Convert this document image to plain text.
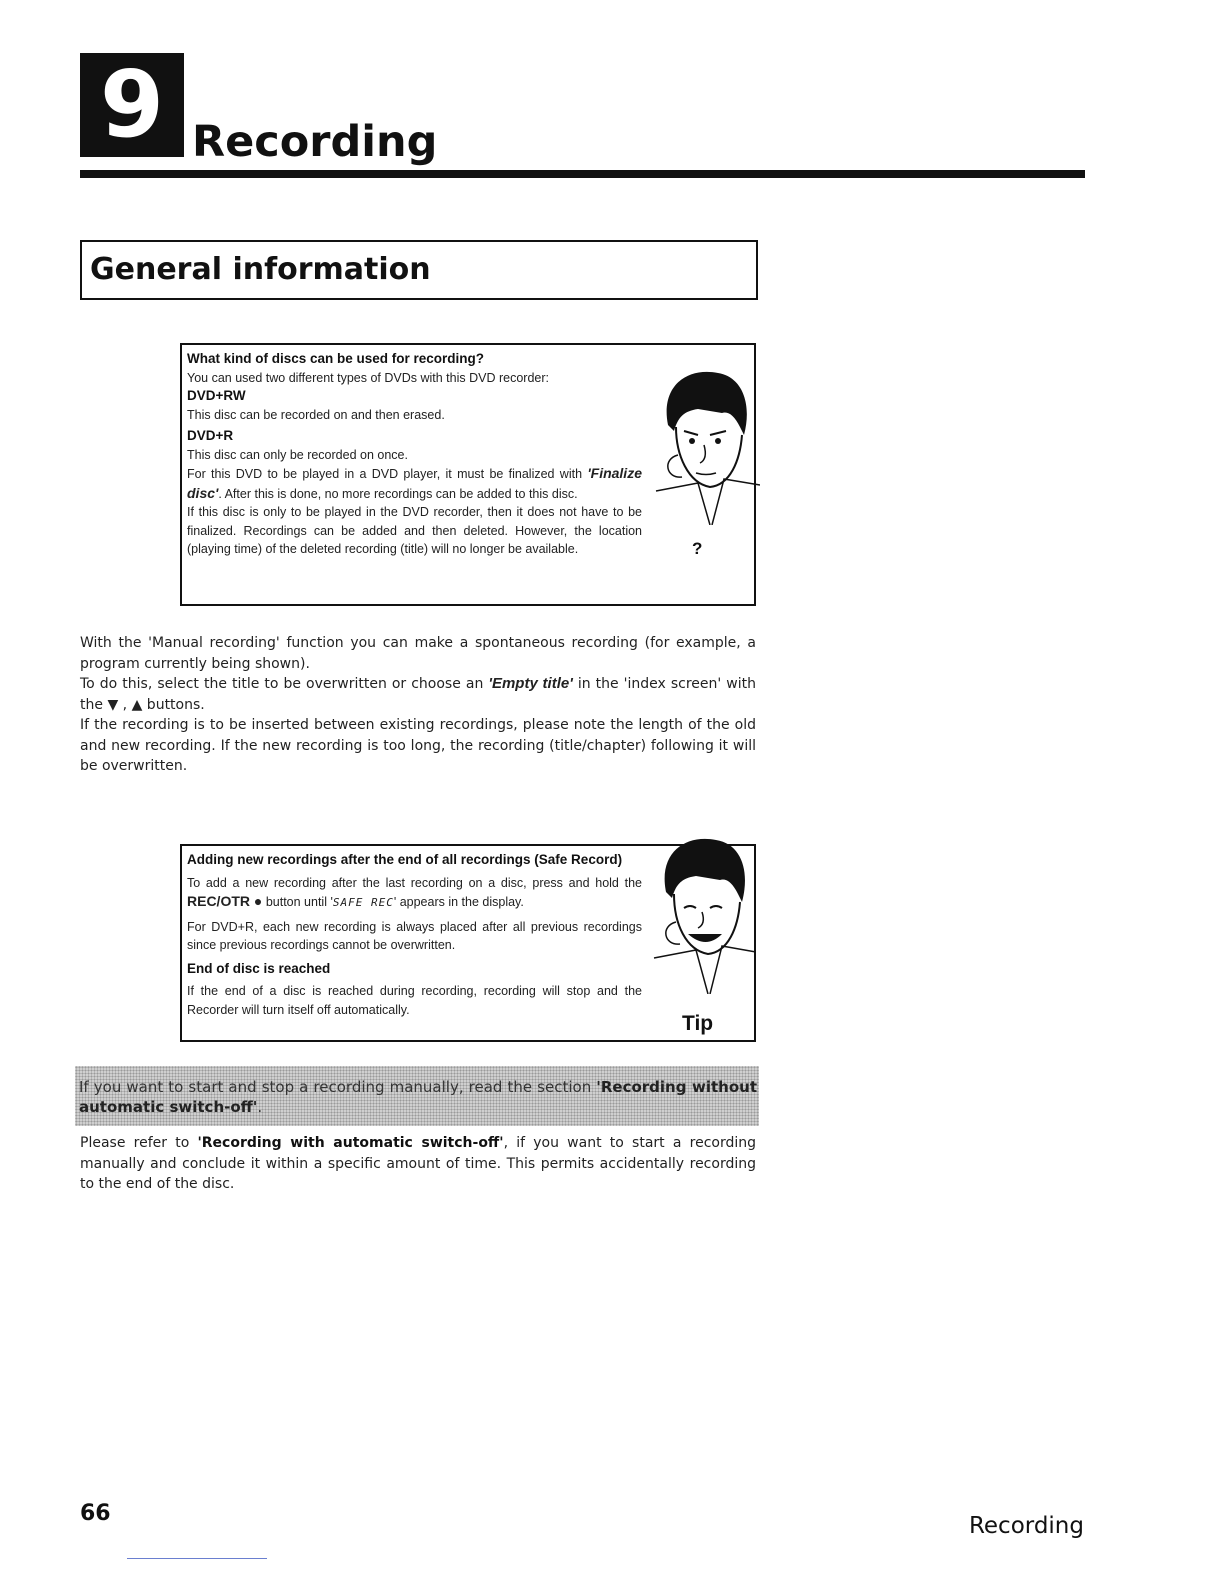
9 Recording
General information

What kind of discs can be used for recording?

You can used two different types of DVDs with this DVD recorder:

DVD+RW

This disc can be recorded on and then erased.

DVD+R

This disc can only be recorded on once.

For this DVD to be played in a DVD player, it must be finalized with 'Finalize disc'. After this is done, no more recordings can be added to this disc.

If this disc is only to be played in the DVD recorder, then it does not have to be finalized. Recordings can be added and then deleted. However, the location (playing time) of the deleted recording (title) will no longer be available.	?

With the 'Manual recording' function you can make a spontaneous recording (for example, a program currently being shown).

To do this, select the title to be overwritten or choose an 'Empty title' in the 'index screen' with the ▼ , ▲ buttons.

If the recording is to be inserted between existing recordings, please note the length of the old and new recording. If the new recording is too long, the recording (title/chapter) following it will be overwritten.

Adding new recordings after the end of all recordings (Safe Record)

To add a new recording after the last recording on a disc, press and hold the REC/OTR ● button until 'SAFE REC' appears in the display.

For DVD+R, each new recording is always placed after all previous recordings since previous recordings cannot be overwritten.

End of disc is reached

If the end of a disc is reached during recording, recording will stop and the Recorder will turn itself off automatically.

Tip
If you want to start and stop a recording manually, read the section 'Recording without automatic switch-off'.

Please refer to 'Recording with automatic switch-off', if you want to start a recording manually and conclude it within a specific amount of time. This permits accidentally recording to the end of the disc.

66	Recording
